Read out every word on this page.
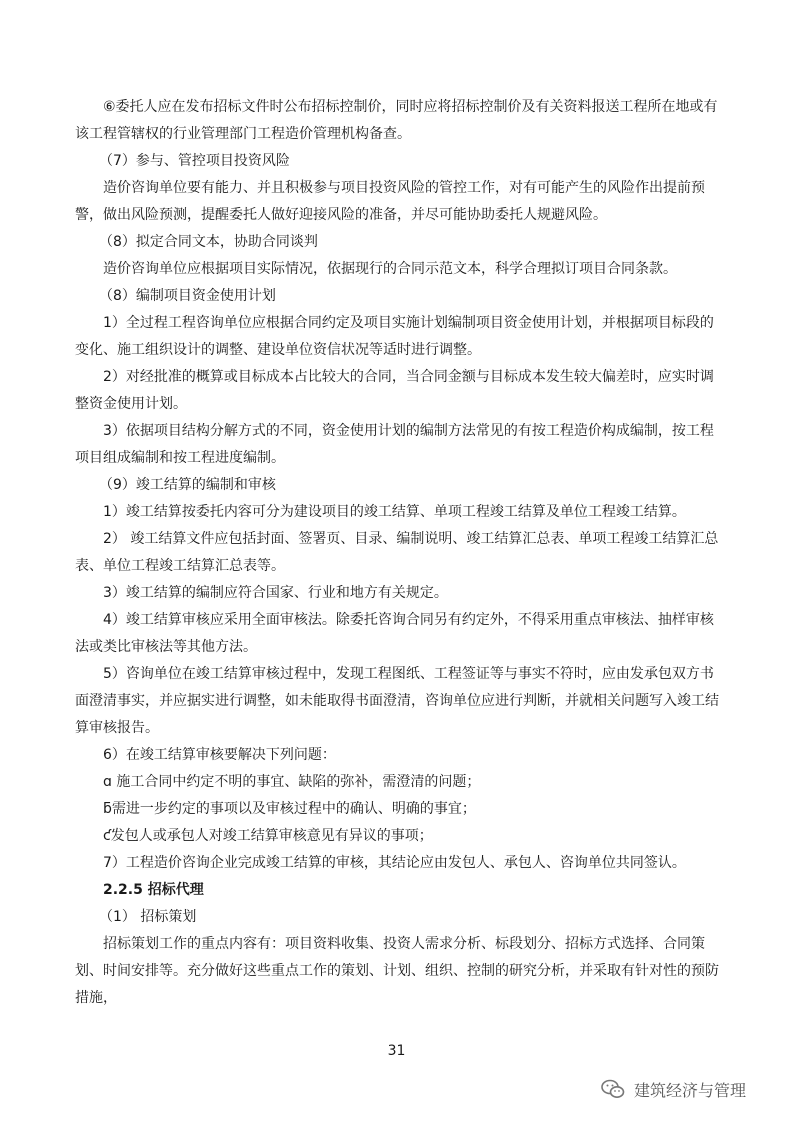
⑥委托人应在发布招标文件时公布招标控制价，同时应将招标控制价及有关资料报送工程所在地或有该工程管辖权的行业管理部门工程造价管理机构备查。

（7）参与、管控项目投资风险

造价咨询单位要有能力、并且积极参与项目投资风险的管控工作，对有可能产生的风险作出提前预警，做出风险预测，提醒委托人做好迎接风险的准备，并尽可能协助委托人规避风险。

（8）拟定合同文本，协助合同谈判

造价咨询单位应根据项目实际情况，依据现行的合同示范文本，科学合理拟订项目合同条款。

（8）编制项目资金使用计划

1）全过程工程咨询单位应根据合同约定及项目实施计划编制项目资金使用计划，并根据项目标段的变化、施工组织设计的调整、建设单位资信状况等适时进行调整。

2）对经批准的概算或目标成本占比较大的合同，当合同金额与目标成本发生较大偏差时，应实时调整资金使用计划。

3）依据项目结构分解方式的不同，资金使用计划的编制方法常见的有按工程造价构成编制，按工程项目组成编制和按工程进度编制。

（9）竣工结算的编制和审核

1）竣工结算按委托内容可分为建设项目的竣工结算、单项工程竣工结算及单位工程竣工结算。

2） 竣工结算文件应包括封面、签署页、目录、编制说明、竣工结算汇总表、单项工程竣工结算汇总表、单位工程竣工结算汇总表等。

3）竣工结算的编制应符合国家、行业和地方有关规定。

4）竣工结算审核应采用全面审核法。除委托咨询合同另有约定外，不得采用重点审核法、抽样审核法或类比审核法等其他方法。

5）咨询单位在竣工结算审核过程中，发现工程图纸、工程签证等与事实不符时，应由发承包双方书面澄清事实，并应据实进行调整，如未能取得书面澄清，咨询单位应进行判断，并就相关问题写入竣工结算审核报告。

6）在竣工结算审核要解决下列问题：

ɑ 施工合同中约定不明的事宜、缺陷的弥补，需澄清的问题；

ƃ需进一步约定的事项以及审核过程中的确认、明确的事宜；

ƈ发包人或承包人对竣工结算审核意见有异议的事项；

7）工程造价咨询企业完成竣工结算的审核，其结论应由发包人、承包人、咨询单位共同签认。

2.2.5 招标代理

（1） 招标策划

招标策划工作的重点内容有：项目资料收集、投资人需求分析、标段划分、招标方式选择、合同策划、时间安排等。充分做好这些重点工作的策划、计划、组织、控制的研究分析，并采取有针对性的预防措施，

31
建筑经济与管理
